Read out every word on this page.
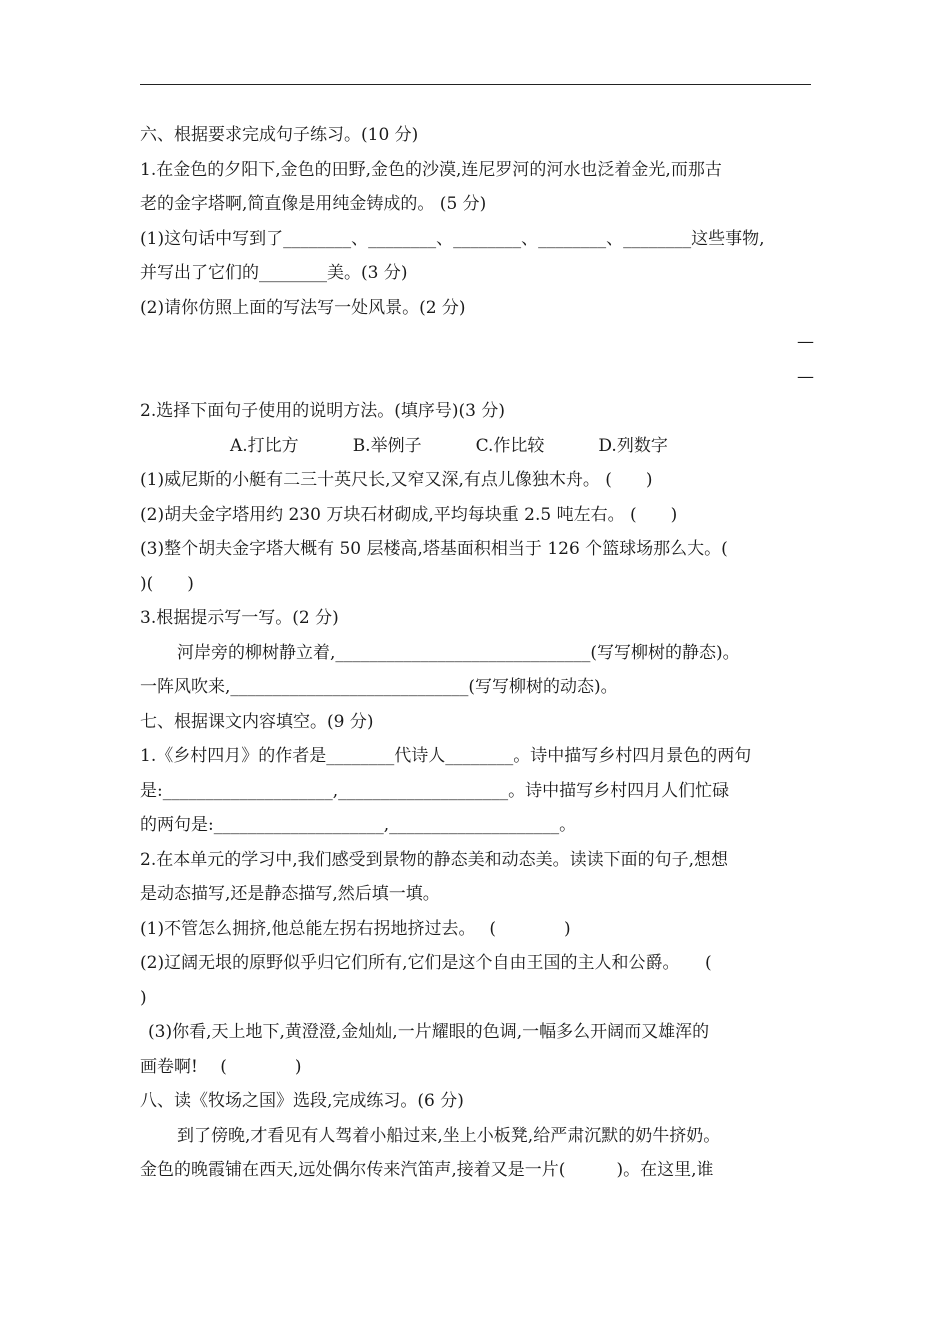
六、根据要求完成句子练习。(10 分)
1.在金色的夕阳下,金色的田野,金色的沙漠,连尼罗河的河水也泛着金光,而那古
老的金字塔啊,简直像是用纯金铸成的。 (5 分)
(1)这句话中写到了________、________、________、________、________这些事物,
并写出了它们的________美。(3 分)
(2)请你仿照上面的写法写一处风景。(2 分)
—
—
2.选择下面句子使用的说明方法。(填序号)(3 分)
A.打比方	B.举例子	C.作比较	D.列数字
(1)威尼斯的小艇有二三十英尺长,又窄又深,有点儿像独木舟。 (　　)
(2)胡夫金字塔用约 230 万块石材砌成,平均每块重 2.5 吨左右。 (　　)
(3)整个胡夫金字塔大概有 50 层楼高,塔基面积相当于 126 个篮球场那么大。(
)(　　)
3.根据提示写一写。(2 分)
河岸旁的柳树静立着,______________________________(写写柳树的静态)。
一阵风吹来,____________________________(写写柳树的动态)。
七、根据课文内容填空。(9 分)
1.《乡村四月》的作者是________代诗人________。诗中描写乡村四月景色的两句
是:____________________,____________________。诗中描写乡村四月人们忙碌
的两句是:____________________,____________________。
2.在本单元的学习中,我们感受到景物的静态美和动态美。读读下面的句子,想想
是动态描写,还是静态描写,然后填一填。
(1)不管怎么拥挤,他总能左拐右拐地挤过去。　 (　　　　)
(2)辽阔无垠的原野似乎归它们所有,它们是这个自由王国的主人和公爵。　　(
)
(3)你看,天上地下,黄澄澄,金灿灿,一片耀眼的色调,一幅多么开阔而又雄浑的
画卷啊!　 (　　　　)
八、读《牧场之国》选段,完成练习。(6 分)
到了傍晚,才看见有人驾着小船过来,坐上小板凳,给严肃沉默的奶牛挤奶。
金色的晚霞铺在西天,远处偶尔传来汽笛声,接着又是一片(　　　)。在这里,谁
